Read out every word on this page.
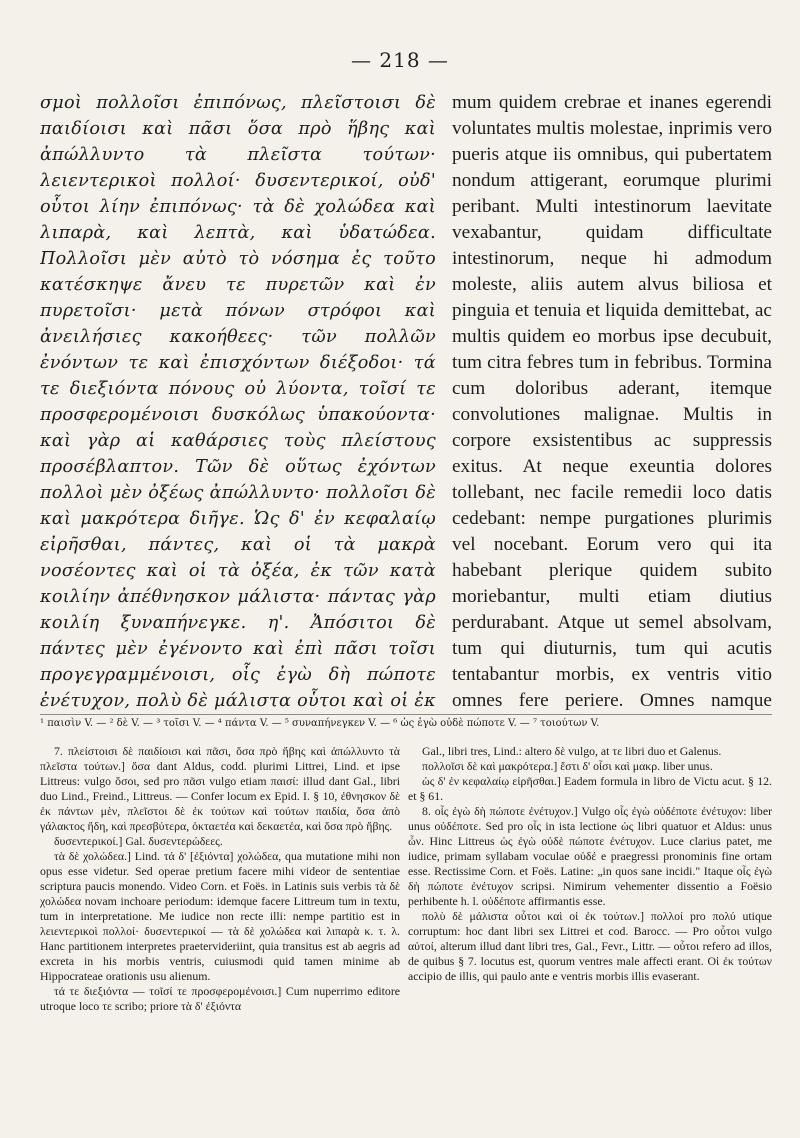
— 218 —

σμοὶ πολλοῖσι ἐπιπόνως, πλεῖστοισι δὲ παιδίοισι καὶ πᾶσι ὅσα πρὸ ἥβης καὶ ἀπώλλυντο τὰ πλεῖστα τούτων· λειεντερικοὶ πολλοί· δυσεντερικοί, οὐδ' οὗτοι λίην ἐπιπόνως· τὰ δὲ χολώδεα καὶ λιπαρὰ, καὶ λεπτὰ, καὶ ὑδατώδεα. Πολλοῖσι μὲν αὐτὸ τὸ νόσημα ἐς τοῦτο κατέσκηψε ἄνευ τε πυρετῶν καὶ ἐν πυρετοῖσι· μετὰ πόνων στρόφοι καὶ ἀνειλήσιες κακοήθεες· τῶν πολλῶν ἐνόντων τε καὶ ἐπισχόντων διέξοδοι· τά τε διεξιόντα πόνους οὐ λύοντα, τοῖσί τε προσφερομένοισι δυσκόλως ὑπακούοντα· καὶ γὰρ αἱ καθάρσιες τοὺς πλείστους προσέβλαπτον. Τῶν δὲ οὕτως ἐχόντων πολλοὶ μὲν ὀξέως ἀπώλλυντο· πολλοῖσι δὲ καὶ μακρότερα διῆγε. Ὡς δ' ἐν κεφαλαίῳ εἰρῆσθαι, πάντες, καὶ οἱ τὰ μακρὰ νοσέοντες καὶ οἱ τὰ ὀξέα, ἐκ τῶν κατὰ κοιλίην ἀπέθνησκον μάλιστα· πάντας γὰρ κοιλίη ξυναπήνεγκε. η'. Ἀπόσιτοι δὲ πάντες μὲν ἐγένοντο καὶ ἐπὶ πᾶσι τοῖσι προγεγραμμένοισι, οἷς ἐγὼ δὴ πώποτε ἐνέτυχον, πολὺ δὲ μάλιστα οὗτοι καὶ οἱ ἐκ

mum quidem crebrae et inanes egerendi voluntates multis molestae, inprimis vero pueris atque iis omnibus, qui pubertatem nondum attigerant, eorumque plurimi peribant. Multi intestinorum laevitate vexabantur, quidam difficultate intestinorum, neque hi admodum moleste, aliis autem alvus biliosa et pinguia et tenuia et liquida demittebat, ac multis quidem eo morbus ipse decubuit, tum citra febres tum in febribus. Tormina cum doloribus aderant, itemque convolutiones malignae. Multis in corpore exsistentibus ac suppressis exitus. At neque exeuntia dolores tollebant, nec facile remedii loco datis cedebant: nempe purgationes plurimis vel nocebant. Eorum vero qui ita habebant plerique quidem subito moriebantur, multi etiam diutius perdurabant. Atque ut semel absolvam, tum qui diuturnis, tum qui acutis tentabantur morbis, ex ventris vitio omnes fere periere. Omnes namque

¹ παισὶν V. — ² δὲ V. — ³ τοῖσι V. — ⁴ πάντα V. — ⁵ συναπήνεγκεν V. — ⁶ ὡς ἐγὼ οὐδὲ πώποτε V. — ⁷ τοιούτων V.

7. πλείστοισι δὲ παιδίοισι καὶ πᾶσι, ὅσα πρὸ ἥβης καὶ ἀπώλλυντο τὰ πλεῖστα τούτων.] ὅσα dant Aldus, codd. plurimi Littrei, Lind. et ipse Littreus: vulgo ὅσοι, sed pro πᾶσι vulgo etiam παισί: illud dant Gal., libri duo Lind., Freind., Littreus. — Confer locum ex Epid. I. § 10, ἐθνησκον δὲ ἐκ πάντων μὲν, πλεῖστοι δὲ ἐκ τούτων καὶ τούτων παιδία, ὅσα ἀπὸ γάλακτος ἤδη, καὶ πρεσβύτερα, ὀκταετέα καὶ δεκαετέα, καὶ ὅσα πρὸ ἥβης.

δυσεντερικοί.] Gal. δυσεντερώδεες.

τὰ δὲ χολώδεα.] Lind. τά δ' [ἐξιόντα] χολώδεα, qua mutatione mihi non opus esse videtur. Sed operae pretium facere mihi videor de sententiae scriptura paucis monendo. Video Corn. et Foës. in Latinis suis verbis τὰ δὲ χολώδεα novam inchoare periodum: idemque facere Littreum tum in textu, tum in interpretatione. Me iudice non recte illi: nempe partitio est in λειεντερικοὶ πολλοί· δυσεντερικοί — τὰ δὲ χολώδεα καὶ λιπαρὰ κ. τ. λ. Hanc partitionem interpretes praetervideriint, quia transitus est ab aegris ad excreta in his morbis ventris, cuiusmodi quid tamen minime ab Hippocrateae orationis usu alienum.

τά τε διεξιόντα — τοῖσί τε προσφερομένοισι.] Cum nuperrimo editore utroque loco τε scribo; priore τὰ δ' ἐξιόντα

Gal., libri tres, Lind.: altero δὲ vulgo, at τε libri duo et Galenus.

πολλοῖσι δὲ καὶ μακρότερα.] ἔστι δ' οἷσι καὶ μακρ. liber unus.

ὡς δ' ἐν κεφαλαίῳ εἰρῆσθαι.] Eadem formula in libro de Victu acut. § 12. et § 61.

8. οἷς ἐγὼ δὴ πώποτε ἐνέτυχον.] Vulgo οἷς ἐγὼ οὐδέποτε ἐνέτυχον: liber unus οὐδέποτε. Sed pro οἷς in ista lectione ὡς libri quatuor et Aldus: unus ὦν. Hinc Littreus ὡς ἐγὼ οὐδὲ πώποτε ἐνέτυχον. Luce clarius patet, me iudice, primam syllabam voculae οὐδέ e praegressi pronominis fine ortam esse. Rectissime Corn. et Foës. Latine: „in quos sane incidi." Itaque οἷς ἐγὼ δὴ πώποτε ἐνέτυχον scripsi. Nimirum vehementer dissentio a Foësio perhibente h. l. οὐδέποτε affirmantis esse.

πολὺ δὲ μάλιστα οὗτοι καὶ οἱ ἐκ τούτων.] πολλοί pro πολύ utique corruptum: hoc dant libri sex Littrei et cod. Barocc. — Pro οὗτοι vulgo αὐτοί, alterum illud dant libri tres, Gal., Fevr., Littr. — οὗτοι refero ad illos, de quibus § 7. locutus est, quorum ventres male affecti erant. Οἱ ἐκ τούτων accipio de illis, qui paulo ante e ventris morbis illis evaserant.
